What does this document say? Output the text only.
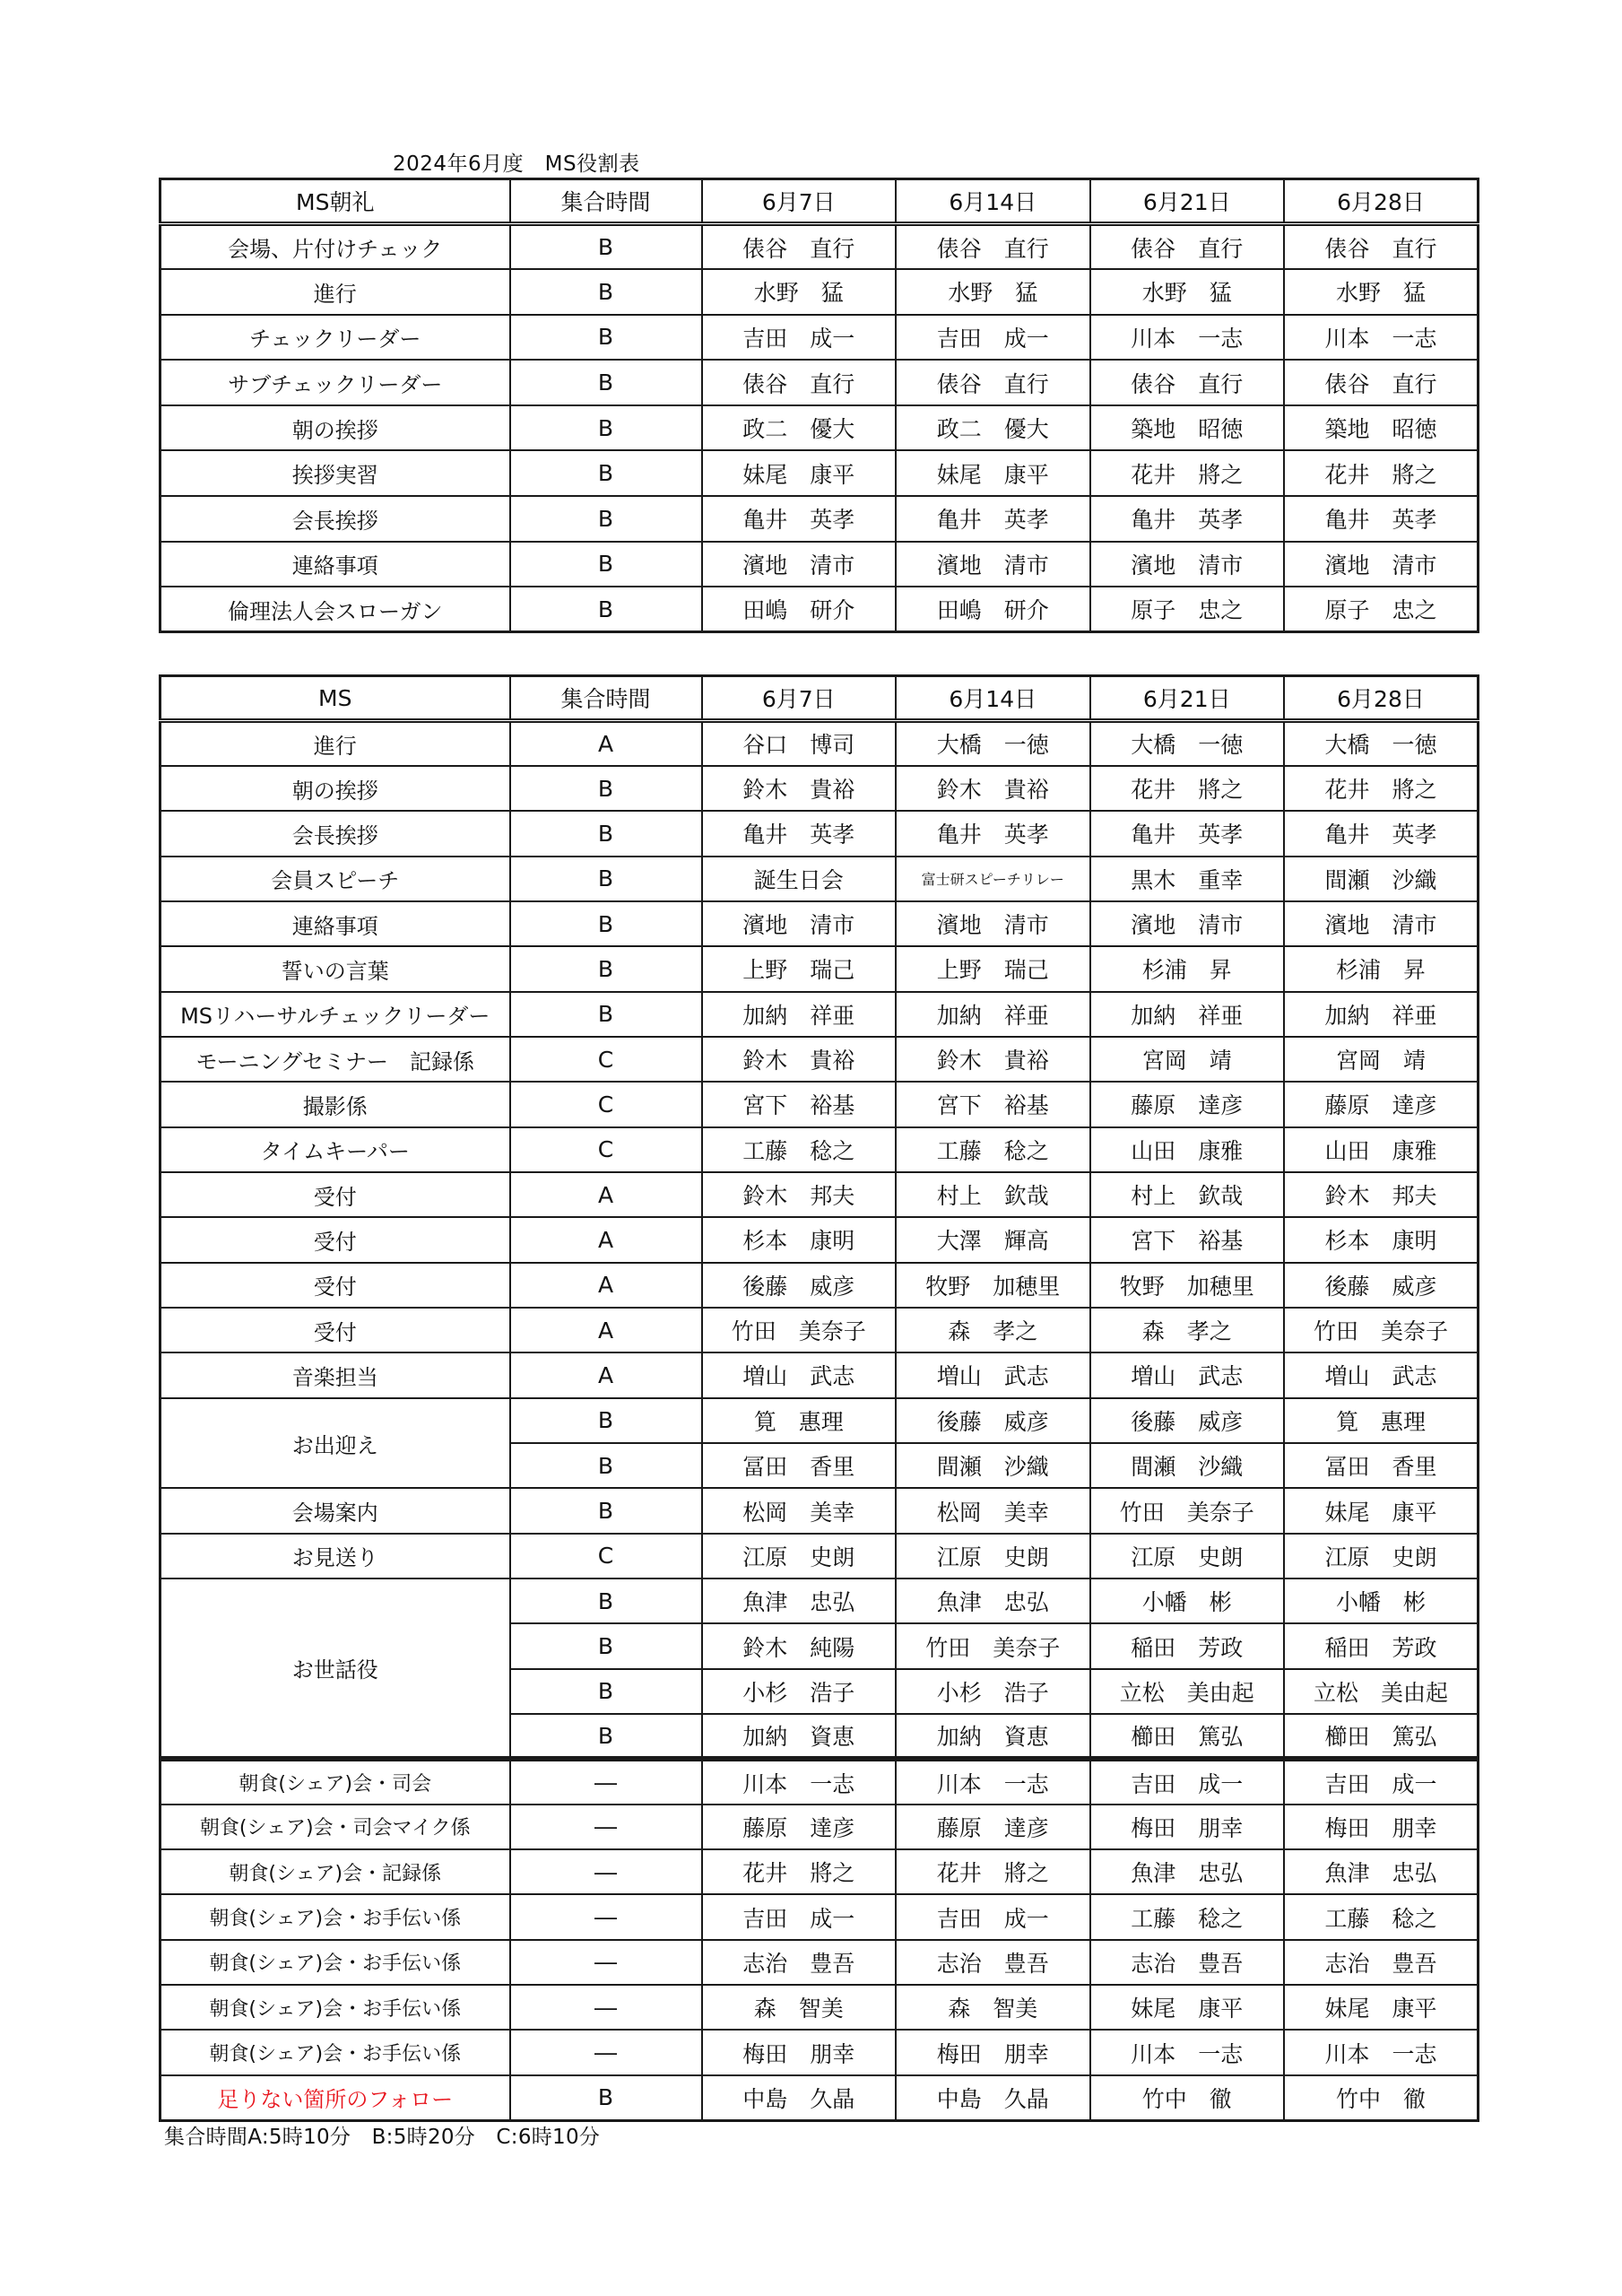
2024年6月度　MS役割表
MS朝礼	集合時間	6月7日	6月14日	6月21日	6月28日
会場、片付けチェック	B	俵谷　直行	俵谷　直行	俵谷　直行	俵谷　直行
進行	B	水野　猛	水野　猛	水野　猛	水野　猛
チェックリーダー	B	吉田　成一	吉田　成一	川本　一志	川本　一志
サブチェックリーダー	B	俵谷　直行	俵谷　直行	俵谷　直行	俵谷　直行
朝の挨拶	B	政二　優大	政二　優大	築地　昭徳	築地　昭徳
挨拶実習	B	妹尾　康平	妹尾　康平	花井　將之	花井　將之
会長挨拶	B	亀井　英孝	亀井　英孝	亀井　英孝	亀井　英孝
連絡事項	B	濱地　清市	濱地　清市	濱地　清市	濱地　清市
倫理法人会スローガン	B	田嶋　研介	田嶋　研介	原子　忠之	原子　忠之
MS	集合時間	6月7日	6月14日	6月21日	6月28日
進行	A	谷口　博司	大橋　一徳	大橋　一徳	大橋　一徳
朝の挨拶	B	鈴木　貴裕	鈴木　貴裕	花井　將之	花井　將之
会長挨拶	B	亀井　英孝	亀井　英孝	亀井　英孝	亀井　英孝
会員スピーチ	B	誕生日会	富士研スピーチリレー	黒木　重幸	間瀬　沙織
連絡事項	B	濱地　清市	濱地　清市	濱地　清市	濱地　清市
誓いの言葉	B	上野　瑞己	上野　瑞己	杉浦　昇	杉浦　昇
MSリハーサルチェックリーダー	B	加納　祥亜	加納　祥亜	加納　祥亜	加納　祥亜
モーニングセミナー　記録係	C	鈴木　貴裕	鈴木　貴裕	宮岡　靖	宮岡　靖
撮影係	C	宮下　裕基	宮下　裕基	藤原　達彦	藤原　達彦
タイムキーパー	C	工藤　稔之	工藤　稔之	山田　康雅	山田　康雅
受付	A	鈴木　邦夫	村上　欽哉	村上　欽哉	鈴木　邦夫
受付	A	杉本　康明	大澤　輝高	宮下　裕基	杉本　康明
受付	A	後藤　威彦	牧野　加穂里	牧野　加穂里	後藤　威彦
受付	A	竹田　美奈子	森　孝之	森　孝之	竹田　美奈子
音楽担当	A	増山　武志	増山　武志	増山　武志	増山　武志
お出迎え	B	筧　惠理	後藤　威彦	後藤　威彦	筧　惠理
	B	冨田　香里	間瀬　沙織	間瀬　沙織	冨田　香里
会場案内	B	松岡　美幸	松岡　美幸	竹田　美奈子	妹尾　康平
お見送り	C	江原　史朗	江原　史朗	江原　史朗	江原　史朗
お世話役	B	魚津　忠弘	魚津　忠弘	小幡　彬	小幡　彬
	B	鈴木　純陽	竹田　美奈子	稲田　芳政	稲田　芳政
	B	小杉　浩子	小杉　浩子	立松　美由起	立松　美由起
	B	加納　資恵	加納　資恵	櫛田　篤弘	櫛田　篤弘
朝食(シェア)会・司会	―	川本　一志	川本　一志	吉田　成一	吉田　成一
朝食(シェア)会・司会マイク係	―	藤原　達彦	藤原　達彦	梅田　朋幸	梅田　朋幸
朝食(シェア)会・記録係	―	花井　將之	花井　將之	魚津　忠弘	魚津　忠弘
朝食(シェア)会・お手伝い係	―	吉田　成一	吉田　成一	工藤　稔之	工藤　稔之
朝食(シェア)会・お手伝い係	―	志治　豊吾	志治　豊吾	志治　豊吾	志治　豊吾
朝食(シェア)会・お手伝い係	―	森　智美	森　智美	妹尾　康平	妹尾　康平
朝食(シェア)会・お手伝い係	―	梅田　朋幸	梅田　朋幸	川本　一志	川本　一志
足りない箇所のフォロー	B	中島　久晶	中島　久晶	竹中　徹	竹中　徹
集合時間A:5時10分　B:5時20分　C:6時10分
